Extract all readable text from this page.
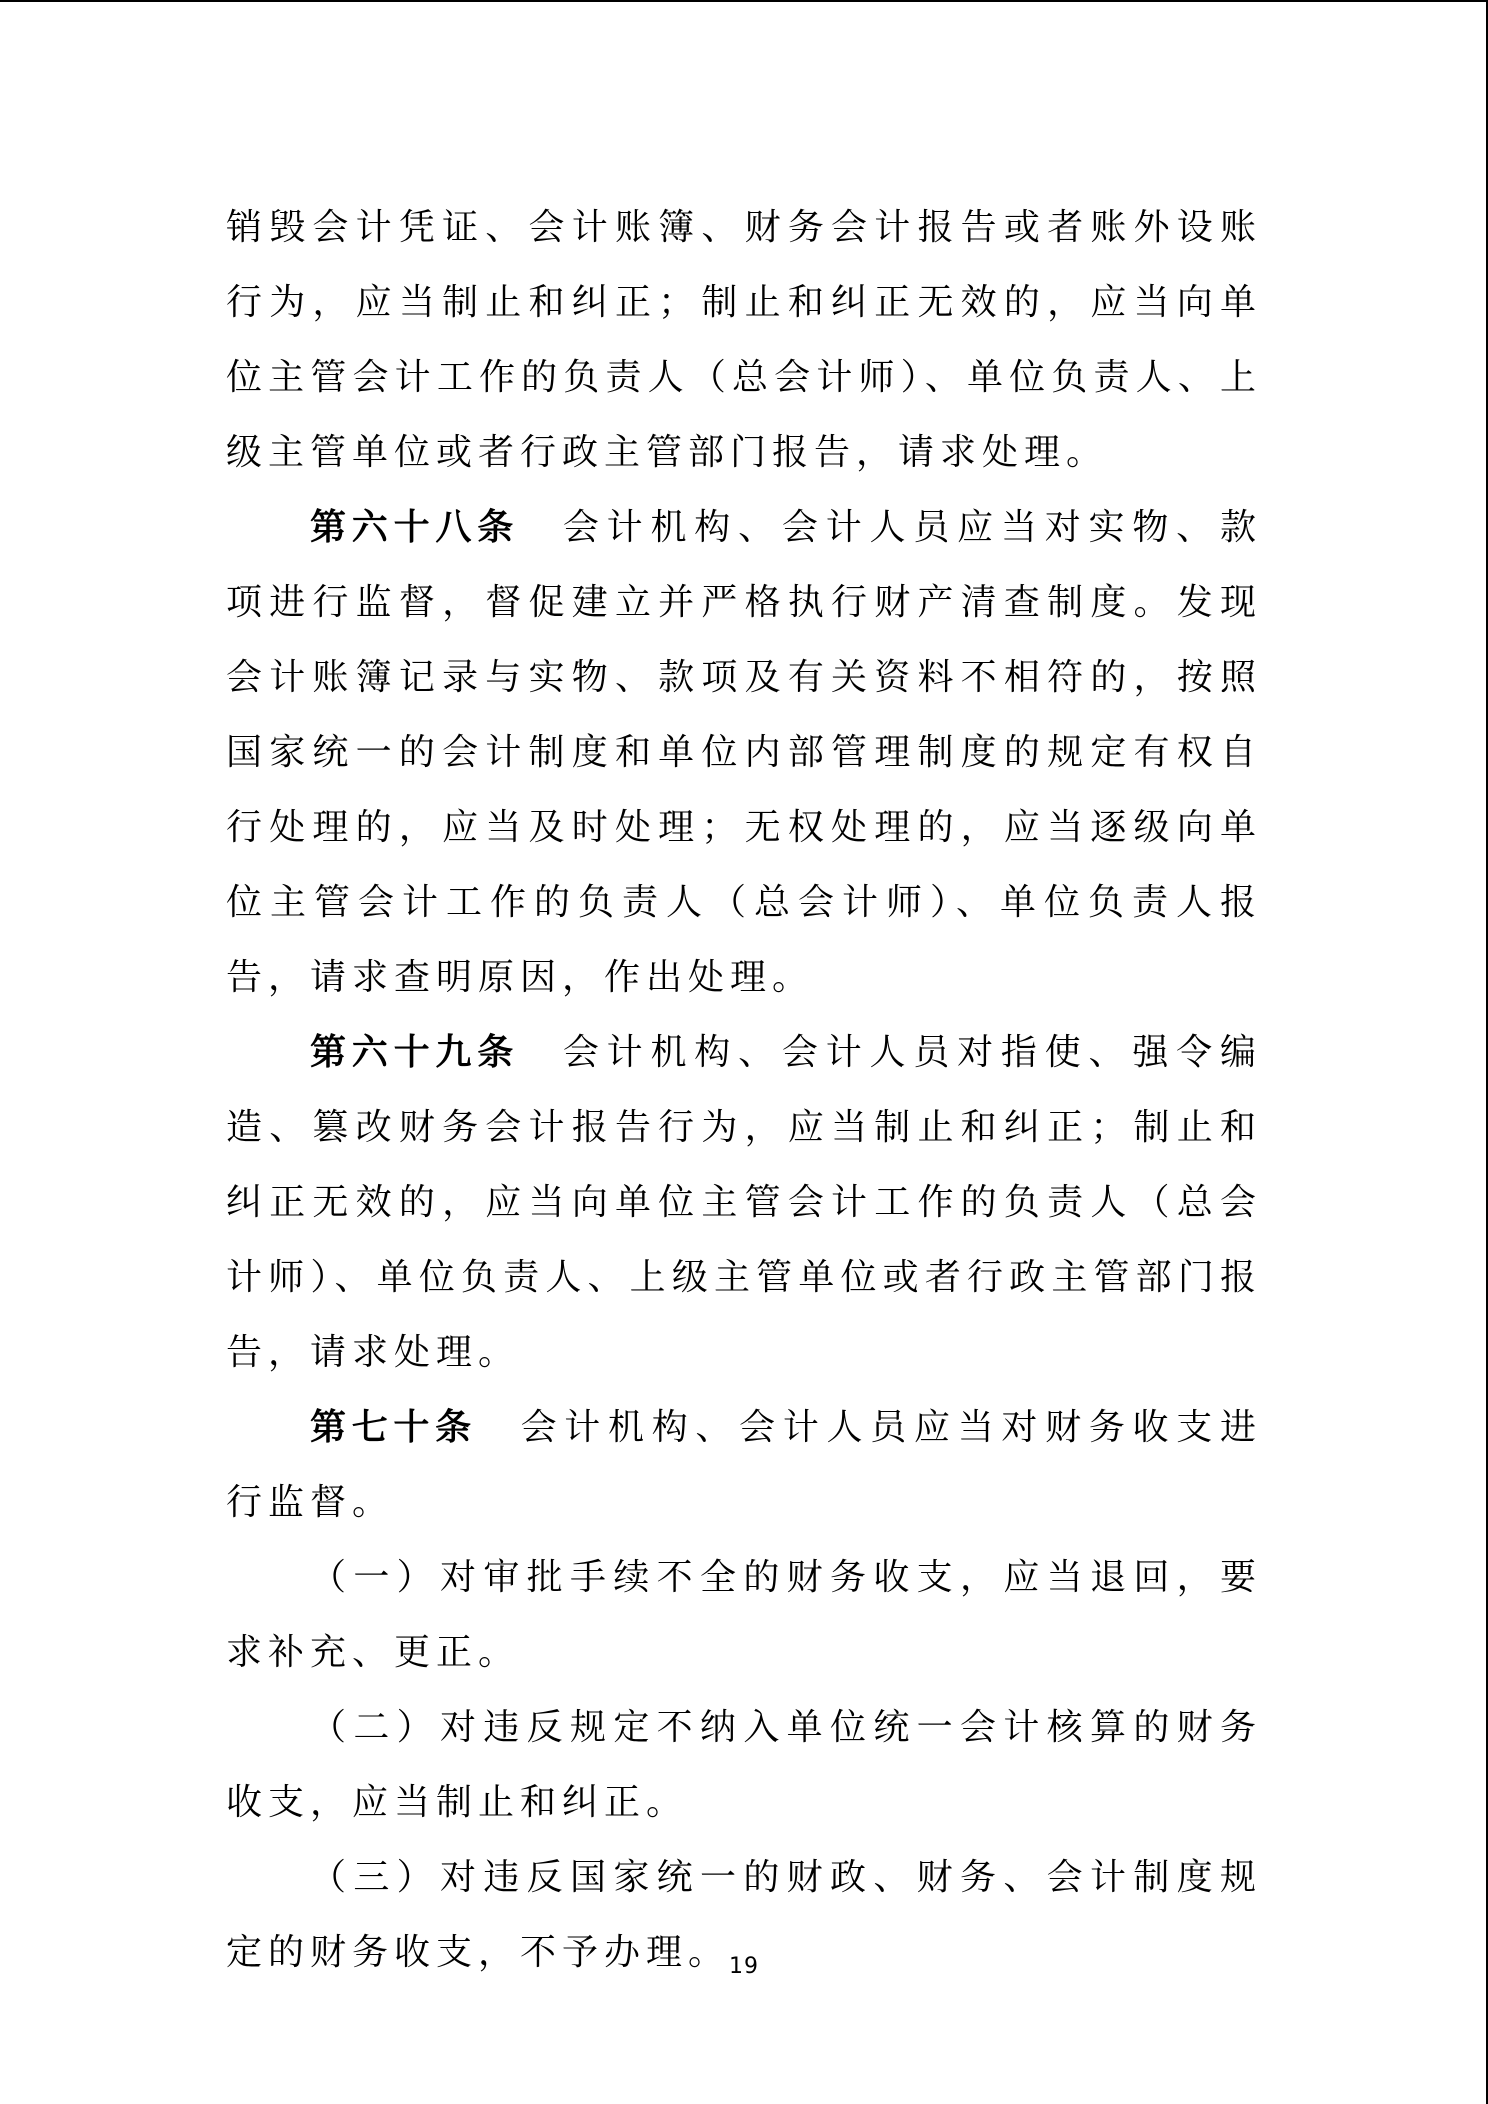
销毁会计凭证、会计账簿、财务会计报告或者账外设账行为，应当制止和纠正；制止和纠正无效的，应当向单位主管会计工作的负责人（总会计师）、单位负责人、上级主管单位或者行政主管部门报告，请求处理。

第六十八条 会计机构、会计人员应当对实物、款项进行监督，督促建立并严格执行财产清查制度。发现会计账簿记录与实物、款项及有关资料不相符的，按照国家统一的会计制度和单位内部管理制度的规定有权自行处理的，应当及时处理；无权处理的，应当逐级向单位主管会计工作的负责人（总会计师）、单位负责人报告，请求查明原因，作出处理。

第六十九条 会计机构、会计人员对指使、强令编造、篡改财务会计报告行为，应当制止和纠正；制止和纠正无效的，应当向单位主管会计工作的负责人（总会计师）、单位负责人、上级主管单位或者行政主管部门报告，请求处理。

第七十条 会计机构、会计人员应当对财务收支进行监督。

（一）对审批手续不全的财务收支，应当退回，要求补充、更正。

（二）对违反规定不纳入单位统一会计核算的财务收支，应当制止和纠正。

（三）对违反国家统一的财政、财务、会计制度规定的财务收支，不予办理。

19
